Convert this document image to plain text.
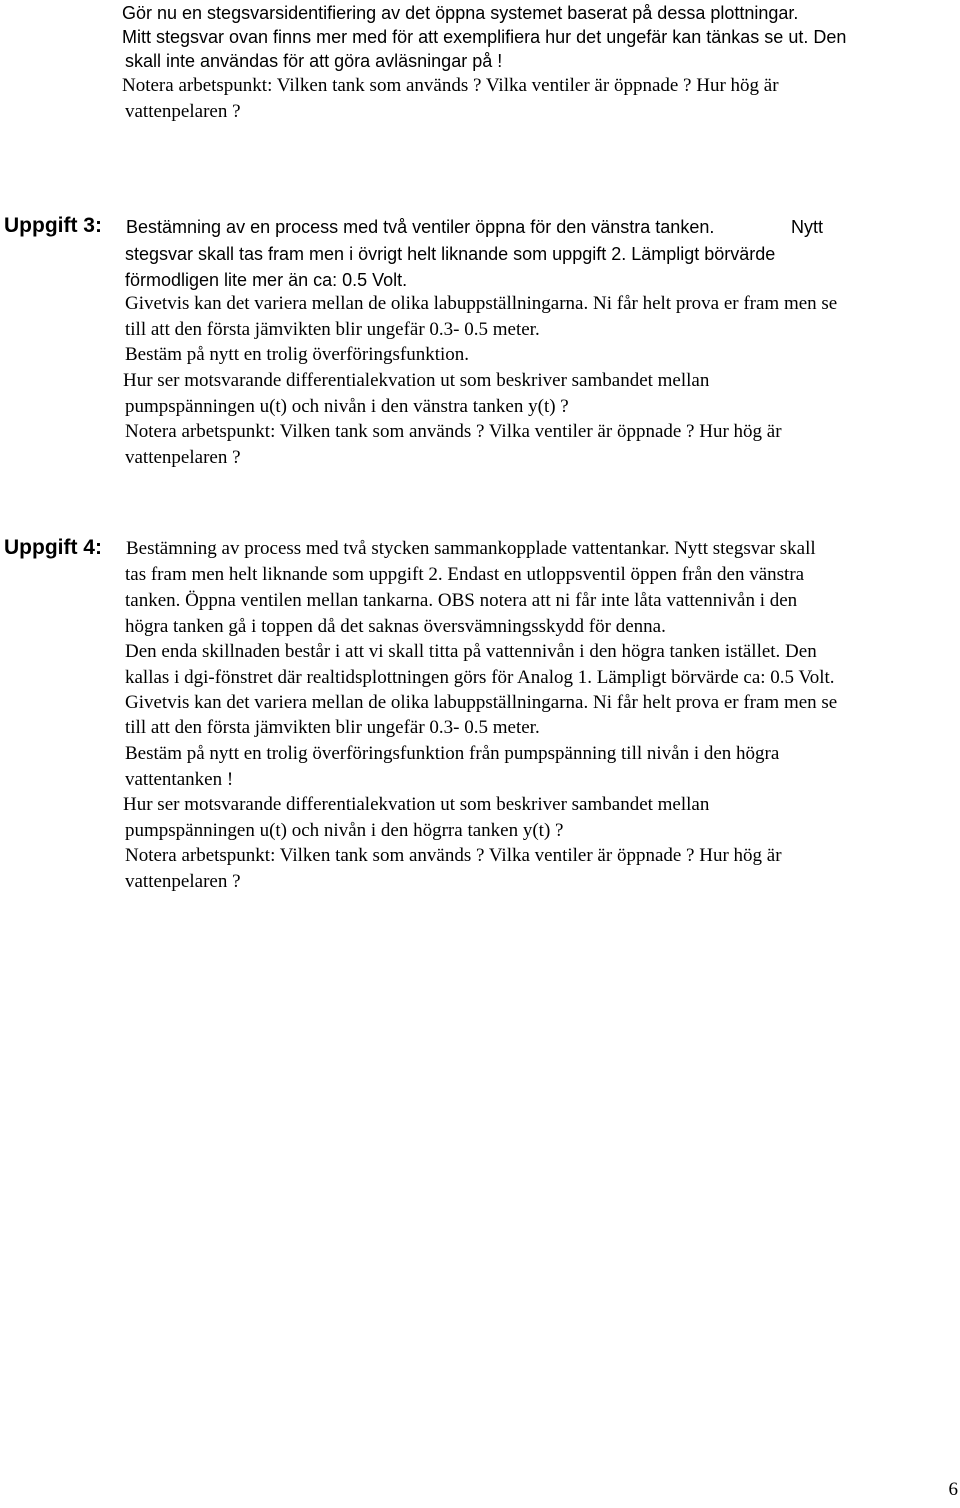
Gör nu en stegsvarsidentifiering av det öppna systemet baserat på dessa plottningar.
Mitt stegsvar ovan finns mer med för att exemplifiera hur det ungefär kan tänkas se ut. Den
skall inte användas för att göra avläsningar på !
Notera arbetspunkt: Vilken tank som används ? Vilka ventiler är öppnade ? Hur hög är
vattenpelaren ?
Uppgift 3: Bestämning av en process med två ventiler öppna för den vänstra tanken.	Nytt
stegsvar skall tas fram men i övrigt helt liknande som uppgift 2. Lämpligt börvärde
förmodligen lite mer än ca: 0.5 Volt.
Givetvis kan det variera mellan de olika labuppställningarna. Ni får helt prova er fram men se
till att den första jämvikten blir ungefär 0.3- 0.5 meter.
Bestäm på nytt en trolig överföringsfunktion.
Hur ser motsvarande differentialekvation ut som beskriver sambandet mellan
pumpspänningen u(t) och nivån i den vänstra tanken y(t) ?
Notera arbetspunkt: Vilken tank som används ? Vilka ventiler är öppnade ? Hur hög är
vattenpelaren ?
Uppgift 4: Bestämning av process med två stycken sammankopplade vattentankar. Nytt stegsvar skall
tas fram men helt liknande som uppgift 2. Endast en utloppsventil öppen från den vänstra
tanken. Öppna ventilen mellan tankarna. OBS notera att ni får inte låta vattennivån i den
högra tanken gå i toppen då det saknas översvämningsskydd för denna.
Den enda skillnaden består i att vi skall titta på vattennivån i den högra tanken istället. Den
kallas i dgi-fönstret där realtidsplottningen görs för Analog 1. Lämpligt börvärde ca: 0.5 Volt.
Givetvis kan det variera mellan de olika labuppställningarna. Ni får helt prova er fram men se
till att den första jämvikten blir ungefär 0.3- 0.5 meter.
Bestäm på nytt en trolig överföringsfunktion från pumpspänning till nivån i den högra
vattentanken !
Hur ser motsvarande differentialekvation ut som beskriver sambandet mellan
pumpspänningen u(t) och nivån i den högrra tanken y(t) ?
Notera arbetspunkt: Vilken tank som används ? Vilka ventiler är öppnade ? Hur hög är
vattenpelaren ?
6
